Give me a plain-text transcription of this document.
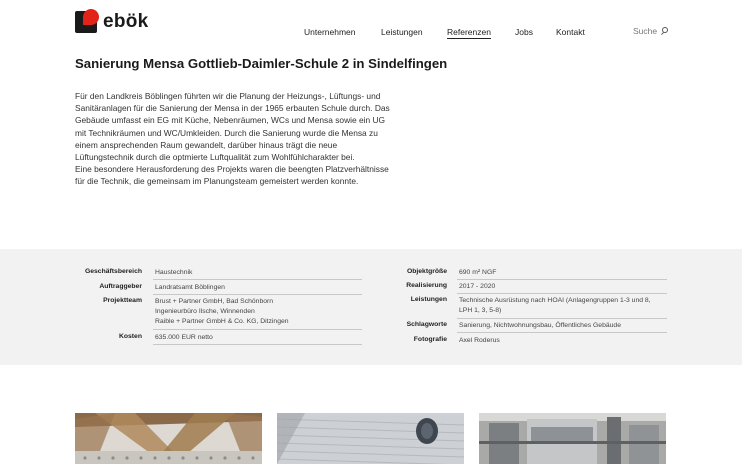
ebök	Unternehmen	Leistungen	Referenzen	Jobs	Kontakt	Suche
Sanierung Mensa Gottlieb-Daimler-Schule 2 in Sindelfingen

Für den Landkreis Böblingen führten wir die Planung der Heizungs-, Lüftungs- und

Sanitäranlagen für die Sanierung der Mensa in der 1965 erbauten Schule durch. Das

Gebäude umfasst ein EG mit Küche, Nebenräumen, WCs und Mensa sowie ein UG

mit Technikräumen und WC/Umkleiden. Durch die Sanierung wurde die Mensa zu

einem ansprechenden Raum gewandelt, darüber hinaus trägt die neue

Lüftungstechnik durch die optmierte Luftqualität zum Wohlfühlcharakter bei.

Eine besondere Herausforderung des Projekts waren die beengten Platzverhältnisse

für die Technik, die gemeinsam im Planungsteam gemeistert werden konnte.

Geschäftsbereich Haustechnik
Auftraggeber Landratsamt Böblingen
Projektteam Brust + Partner GmbH, Bad Schönborn
Ingenieurbüro Ilsche, Winnenden
Raible + Partner GmbH & Co. KG, Ditzingen
Kosten 635.000 EUR netto
Objektgröße 690 m² NGF
Realisierung 2017 - 2020
Leistungen Technische Ausrüstung nach HOAI (Anlagengruppen 1-3 und 8,
LPH 1, 3, 5-8)
Schlagworte Sanierung, Nichtwohnungsbau, Öffentliches Gebäude
Fotografie Axel Roderus
